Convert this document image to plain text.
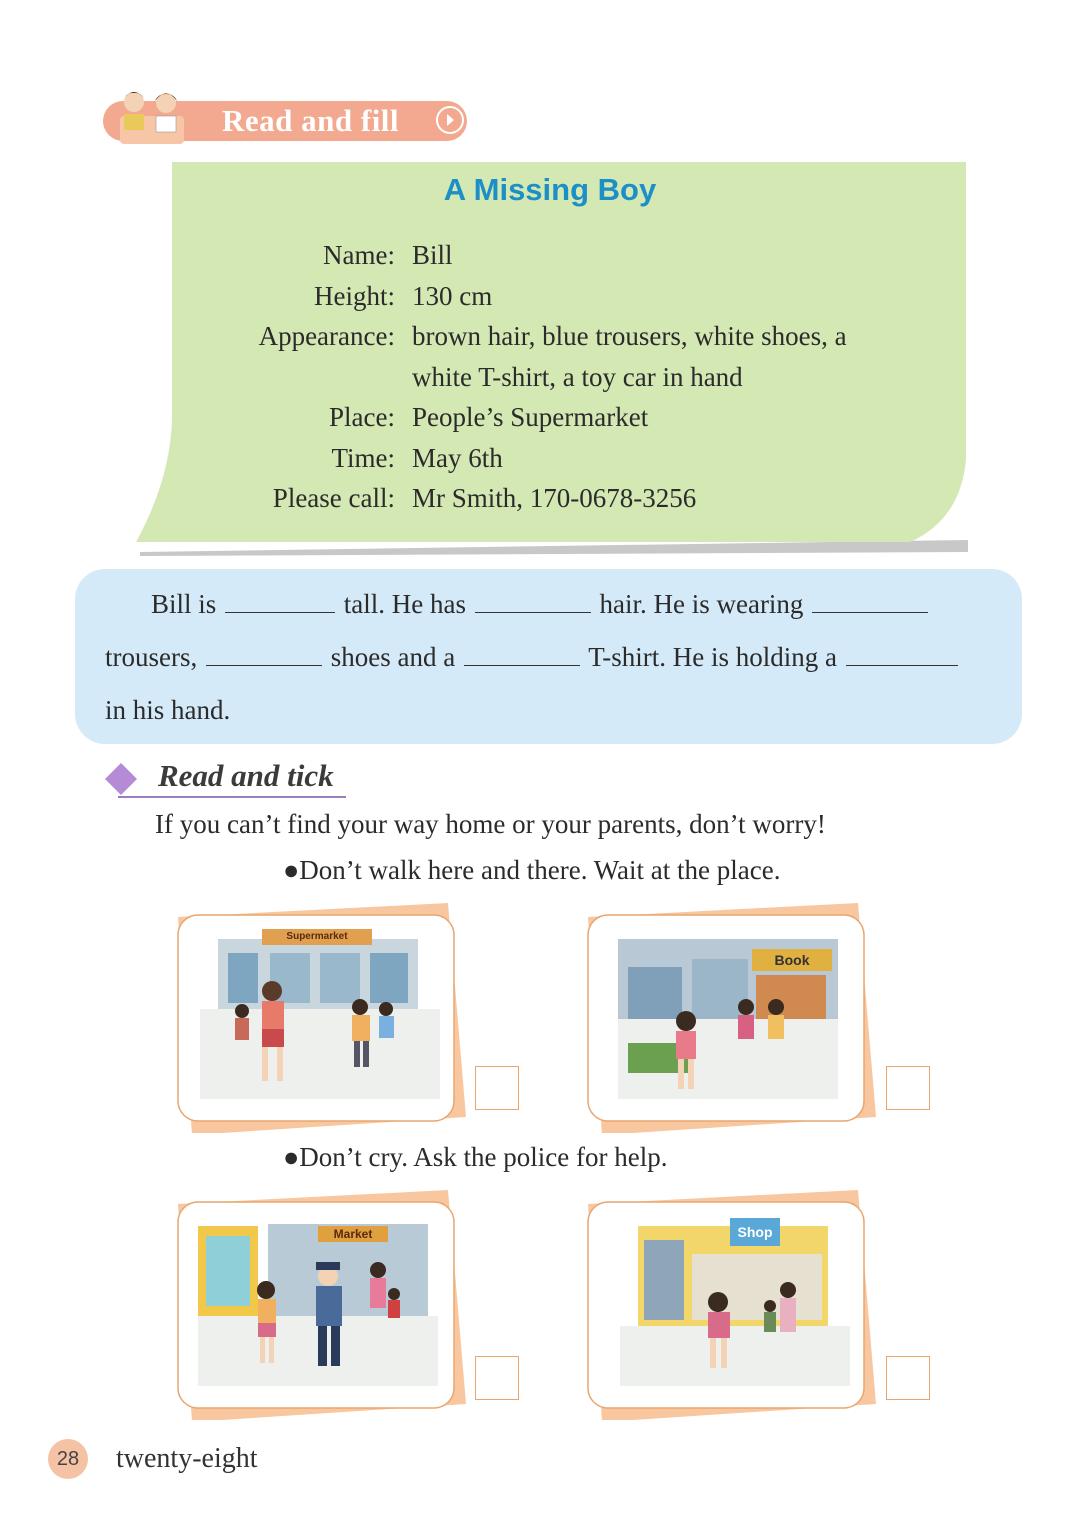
Read and fill
A Missing Boy
Name: Bill
Height: 130 cm
Appearance: brown hair, blue trousers, white shoes, a
white T-shirt, a toy car in hand
Place: People’s Supermarket
Time: May 6th
Please call: Mr Smith, 170-0678-3256
Bill is	tall. He has	hair. He is wearing
trousers,	shoes and a	T-shirt. He is holding a
in his hand.
Read and tick
If you can’t find your way home or your parents, don’t worry!
●Don’t walk here and there. Wait at the place.
●Don’t cry. Ask the police for help.
Supermarket
Book
Market	Shop
28	twenty-eight
